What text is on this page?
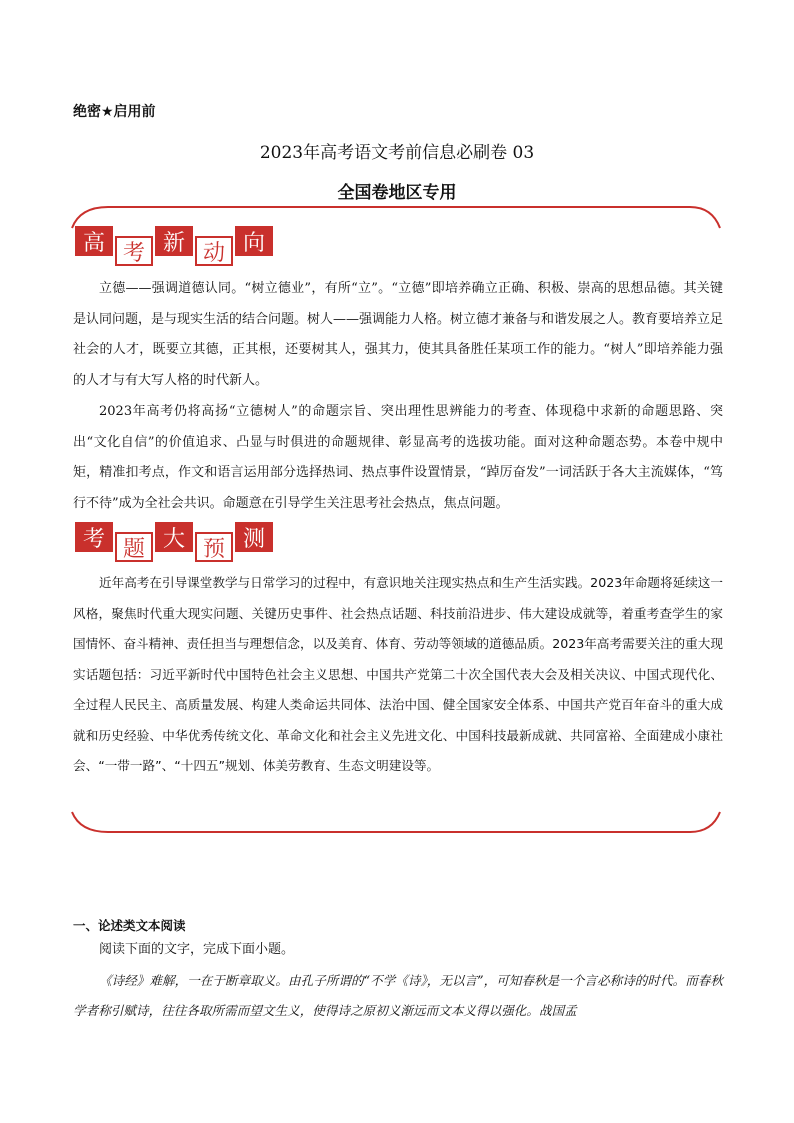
绝密★启用前
2023年高考语文考前信息必刷卷 03
全国卷地区专用
高 考 新 动 向
立德——强调道德认同。“树立德业”，有所“立”。“立德”即培养确立正确、积极、崇高的思想品德。其关键是认同问题，是与现实生活的结合问题。树人——强调能力人格。树立德才兼备与和谐发展之人。教育要培养立足社会的人才，既要立其德，正其根，还要树其人，强其力，使其具备胜任某项工作的能力。“树人”即培养能力强的人才与有大写人格的时代新人。
2023年高考仍将高扬“立德树人”的命题宗旨、突出理性思辨能力的考查、体现稳中求新的命题思路、突出“文化自信”的价值追求、凸显与时俱进的命题规律、彰显高考的选拔功能。面对这种命题态势。本卷中规中矩，精准扣考点，作文和语言运用部分选择热词、热点事件设置情景，“踔厉奋发”一词活跃于各大主流媒体，“笃行不待”成为全社会共识。命题意在引导学生关注思考社会热点，焦点问题。
考 题 大 预 测
近年高考在引导课堂教学与日常学习的过程中，有意识地关注现实热点和生产生活实践。2023年命题将延续这一风格，聚焦时代重大现实问题、关键历史事件、社会热点话题、科技前沿进步、伟大建设成就等，着重考查学生的家国情怀、奋斗精神、责任担当与理想信念，以及美育、体育、劳动等领域的道德品质。2023年高考需要关注的重大现实话题包括：习近平新时代中国特色社会主义思想、中国共产党第二十次全国代表大会及相关决议、中国式现代化、全过程人民民主、高质量发展、构建人类命运共同体、法治中国、健全国家安全体系、中国共产党百年奋斗的重大成就和历史经验、中华优秀传统文化、革命文化和社会主义先进文化、中国科技最新成就、共同富裕、全面建成小康社会、“一带一路”、“十四五”规划、体美劳教育、生态文明建设等。
一、论述类文本阅读
阅读下面的文字，完成下面小题。
《诗经》难解，一在于断章取义。由孔子所谓的“不学《诗》，无以言”，可知春秋是一个言必称诗的时代。而春秋学者称引赋诗，往往各取所需而望文生义，使得诗之原初义渐远而文本义得以强化。战国孟
